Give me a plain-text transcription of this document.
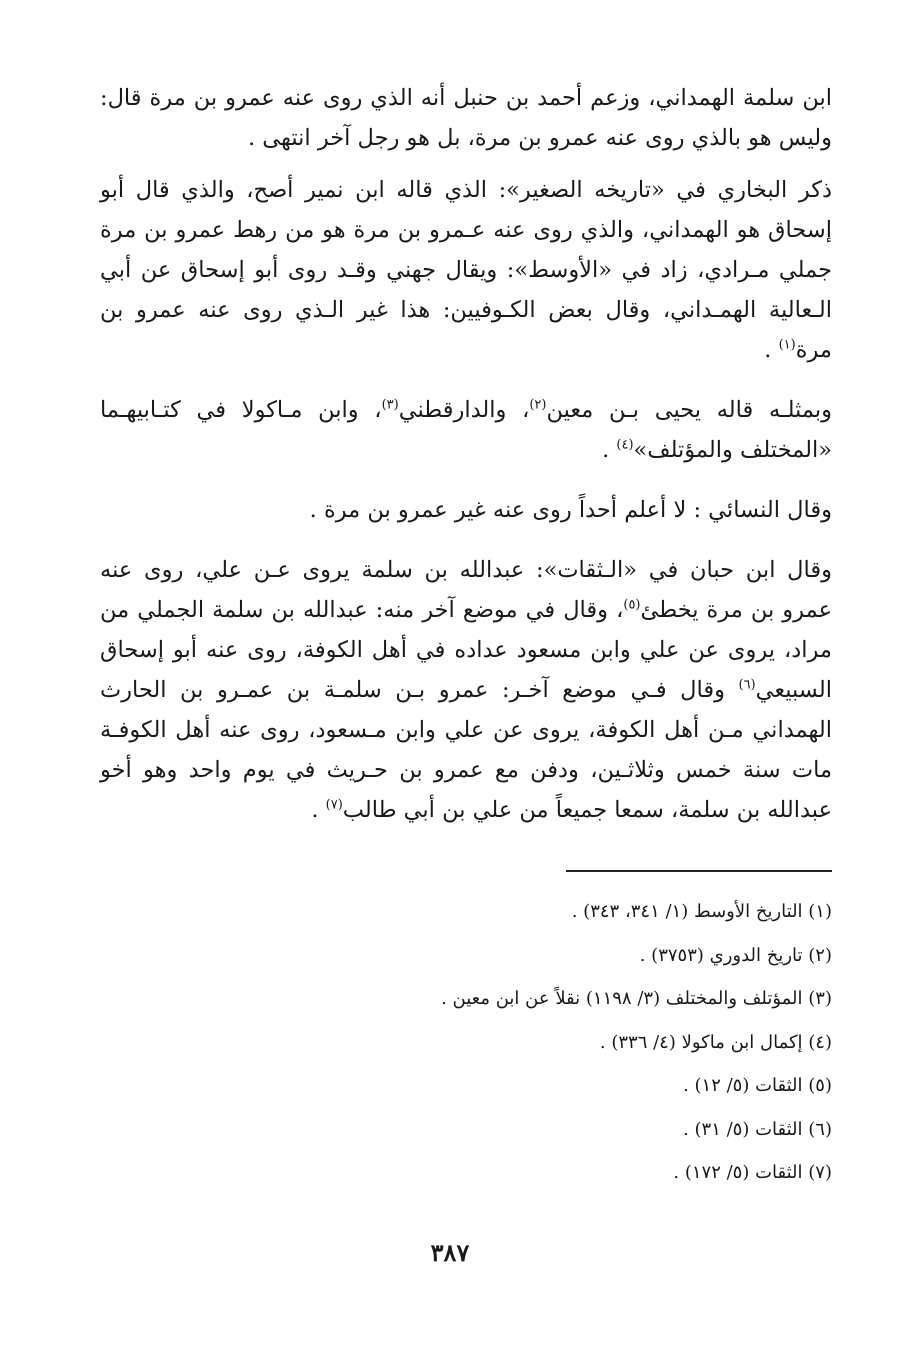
ابن سلمة الهمداني، وزعم أحمد بن حنبل أنه الذي روى عنه عمرو بن مرة قال: وليس هو بالذي روى عنه عمرو بن مرة، بل هو رجل آخر انتهى .

ذكر البخاري في «تاريخه الصغير»: الذي قاله ابن نمير أصح، والذي قال أبو إسحاق هو الهمداني، والذي روى عنه عـمرو بن مرة هو من رهط عمرو بن مرة جملي مـرادي، زاد في «الأوسط»: ويقال جهني وقـد روى أبو إسحاق عن أبي الـعالية الهمـداني، وقال بعض الكـوفيين: هذا غير الـذي روى عنه عمرو بن مرة$^{(١)}$ .

وبمثلـه قاله يحيى بـن معين$^{(٢)}$، والدارقطني$^{(٣)}$، وابن مـاكولا في كتـابيهـما «المختلف والمؤتلف»$^{(٤)}$ .

وقال النسائي : لا أعلم أحداً روى عنه غير عمرو بن مرة .

وقال ابن حبان في «الـثقات»: عبدالله بن سلمة يروى عـن علي، روى عنه عمرو بن مرة يخطئ$^{(٥)}$، وقال في موضع آخر منه: عبدالله بن سلمة الجملي من مراد، يروى عن علي وابن مسعود عداده في أهل الكوفة، روى عنه أبو إسحاق السبيعي$^{(٦)}$ وقال فـي موضع آخـر: عمرو بـن سلمـة بن عمـرو بن الحارث الهمداني مـن أهل الكوفة، يروى عن علي وابن مـسعود، روى عنه أهل الكوفـة مات سنة خمس وثلاثـين، ودفن مع عمرو بن حـريث في يوم واحد وهو أخو عبدالله بن سلمة، سمعا جميعاً من علي بن أبي طالب$^{(٧)}$ .

(١) التاريخ الأوسط (١/ ٣٤١، ٣٤٣) .

(٢) تاريخ الدوري (٣٧٥٣) .

(٣) المؤتلف والمختلف (٣/ ١١٩٨) نقلاً عن ابن معين .

(٤) إكمال ابن ماكولا (٤/ ٣٣٦) .

(٥) الثقات (٥/ ١٢) .

(٦) الثقات (٥/ ٣١) .

(٧) الثقات (٥/ ١٧٢) .

٣٨٧
